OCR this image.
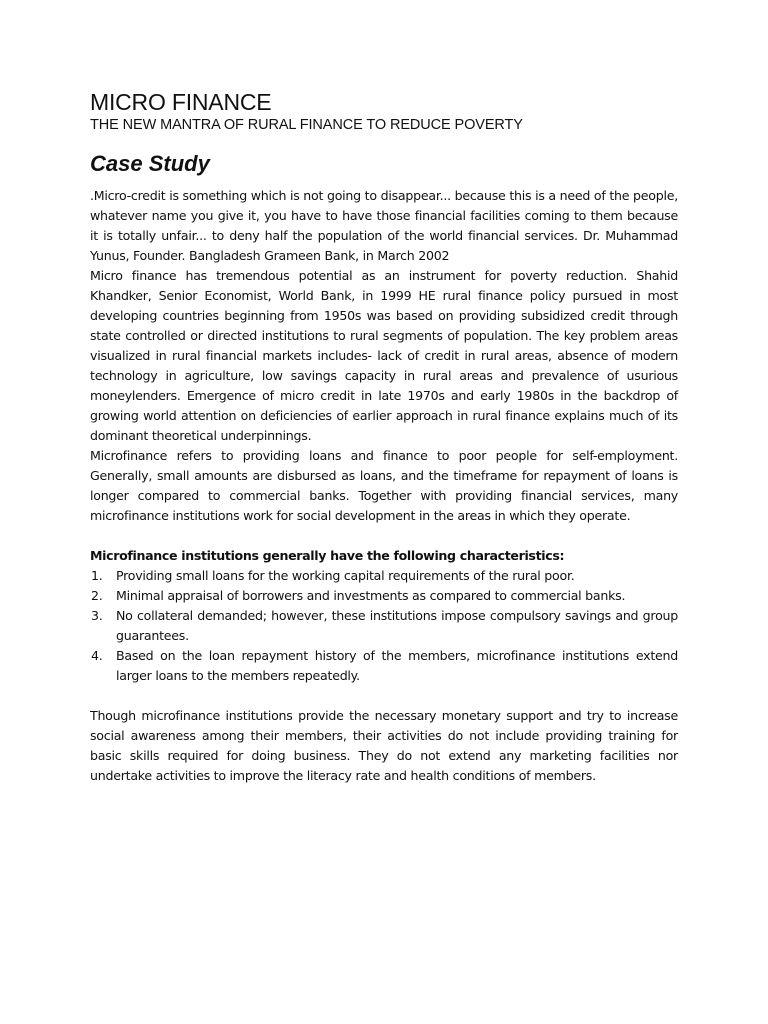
MICRO FINANCE
THE NEW MANTRA OF RURAL FINANCE TO REDUCE POVERTY
Case Study

.Micro-credit is something which is not going to disappear... because this is a need of the people, whatever name you give it, you have to have those financial facilities coming to them because it is totally unfair... to deny half the population of the world financial services. Dr. Muhammad Yunus, Founder. Bangladesh Grameen Bank, in March 2002

Micro finance has tremendous potential as an instrument for poverty reduction. Shahid Khandker, Senior Economist, World Bank, in 1999 HE rural finance policy pursued in most developing countries beginning from 1950s was based on providing subsidized credit through state controlled or directed institutions to rural segments of population. The key problem areas visualized in rural financial markets includes- lack of credit in rural areas, absence of modern technology in agriculture, low savings capacity in rural areas and prevalence of usurious moneylenders. Emergence of micro credit in late 1970s and early 1980s in the backdrop of growing world attention on deficiencies of earlier approach in rural finance explains much of its dominant theoretical underpinnings.

Microfinance refers to providing loans and finance to poor people for self-employment. Generally, small amounts are disbursed as loans, and the timeframe for repayment of loans is longer compared to commercial banks. Together with providing financial services, many microfinance institutions work for social development in the areas in which they operate.

Microfinance institutions generally have the following characteristics:
1.	Providing small loans for the working capital requirements of the rural poor.
2.	Minimal appraisal of borrowers and investments as compared to commercial banks.
3.	No collateral demanded; however, these institutions impose compulsory savings and group guarantees.
4.	Based on the loan repayment history of the members, microfinance institutions extend larger loans to the members repeatedly.

Though microfinance institutions provide the necessary monetary support and try to increase social awareness among their members, their activities do not include providing training for basic skills required for doing business. They do not extend any marketing facilities nor undertake activities to improve the literacy rate and health conditions of members.
